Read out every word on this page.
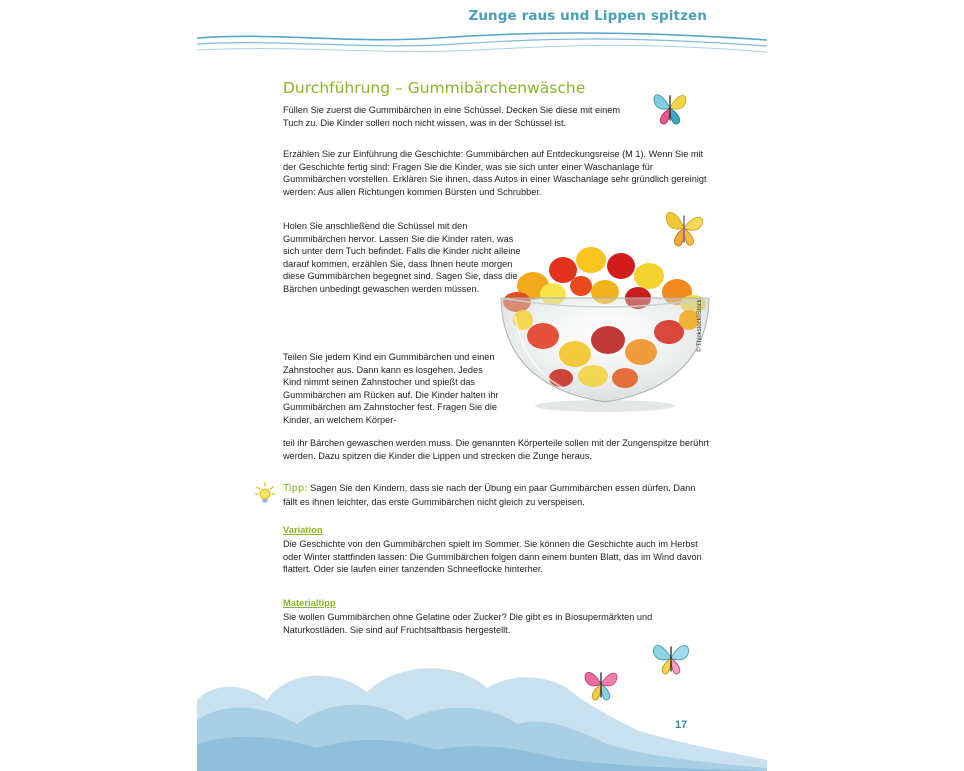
Zunge raus und Lippen spitzen
Durchführung – Gummibärchenwäsche

Füllen Sie zuerst die Gummibärchen in eine Schüssel. Decken Sie diese mit einem Tuch zu. Die Kinder sollen noch nicht wissen, was in der Schüssel ist.

Erzählen Sie zur Einführung die Geschichte: Gummibärchen auf Entdeckungsreise (M 1). Wenn Sie mit der Geschichte fertig sind: Fragen Sie die Kinder, was sie sich unter einer Waschanlage für Gummibärchen vorstellen. Erklären Sie ihnen, dass Autos in einer Waschanlage sehr gründlich gereinigt werden: Aus allen Richtungen kommen Bürsten und Schrubber.

Holen Sie anschließend die Schüssel mit den Gummibärchen hervor. Lassen Sie die Kinder raten, was sich unter dem Tuch befindet. Falls die Kinder nicht alleine darauf kommen, erzählen Sie, dass Ihnen heute morgen diese Gummibärchen begegnet sind. Sagen Sie, dass die Bärchen unbedingt gewaschen werden müssen.

Teilen Sie jedem Kind ein Gummibärchen und einen Zahnstocher aus. Dann kann es losgehen. Jedes Kind nimmt seinen Zahnstocher und spießt das Gummibärchen am Rücken auf. Die Kinder halten ihr Gummibärchen am Zahnstocher fest. Fragen Sie die Kinder, an welchem Körper-

teil ihr Bärchen gewaschen werden muss. Die genannten Körperteile sollen mit der Zungenspitze berührt werden. Dazu spitzen die Kinder die Lippen und strecken die Zunge heraus.

Tipp: Sagen Sie den Kindern, dass sie nach der Übung ein paar Gummibärchen essen dürfen. Dann fällt es ihnen leichter, das erste Gummibärchen nicht gleich zu verspeisen.

Variation

Die Geschichte von den Gummibärchen spielt im Sommer. Sie können die Geschichte auch im Herbst oder Winter stattfinden lassen: Die Gummibärchen folgen dann einem bunten Blatt, das im Wind davon flattert. Oder sie laufen einer tanzenden Schneeflocke hinterher.

Materialtipp

Sie wollen Gummibärchen ohne Gelatine oder Zucker? Die gibt es in Biosupermärkten und Naturkostläden. Sie sind auf Fruchtsaftbasis hergestellt.

© Thinkstock/iStock
17
